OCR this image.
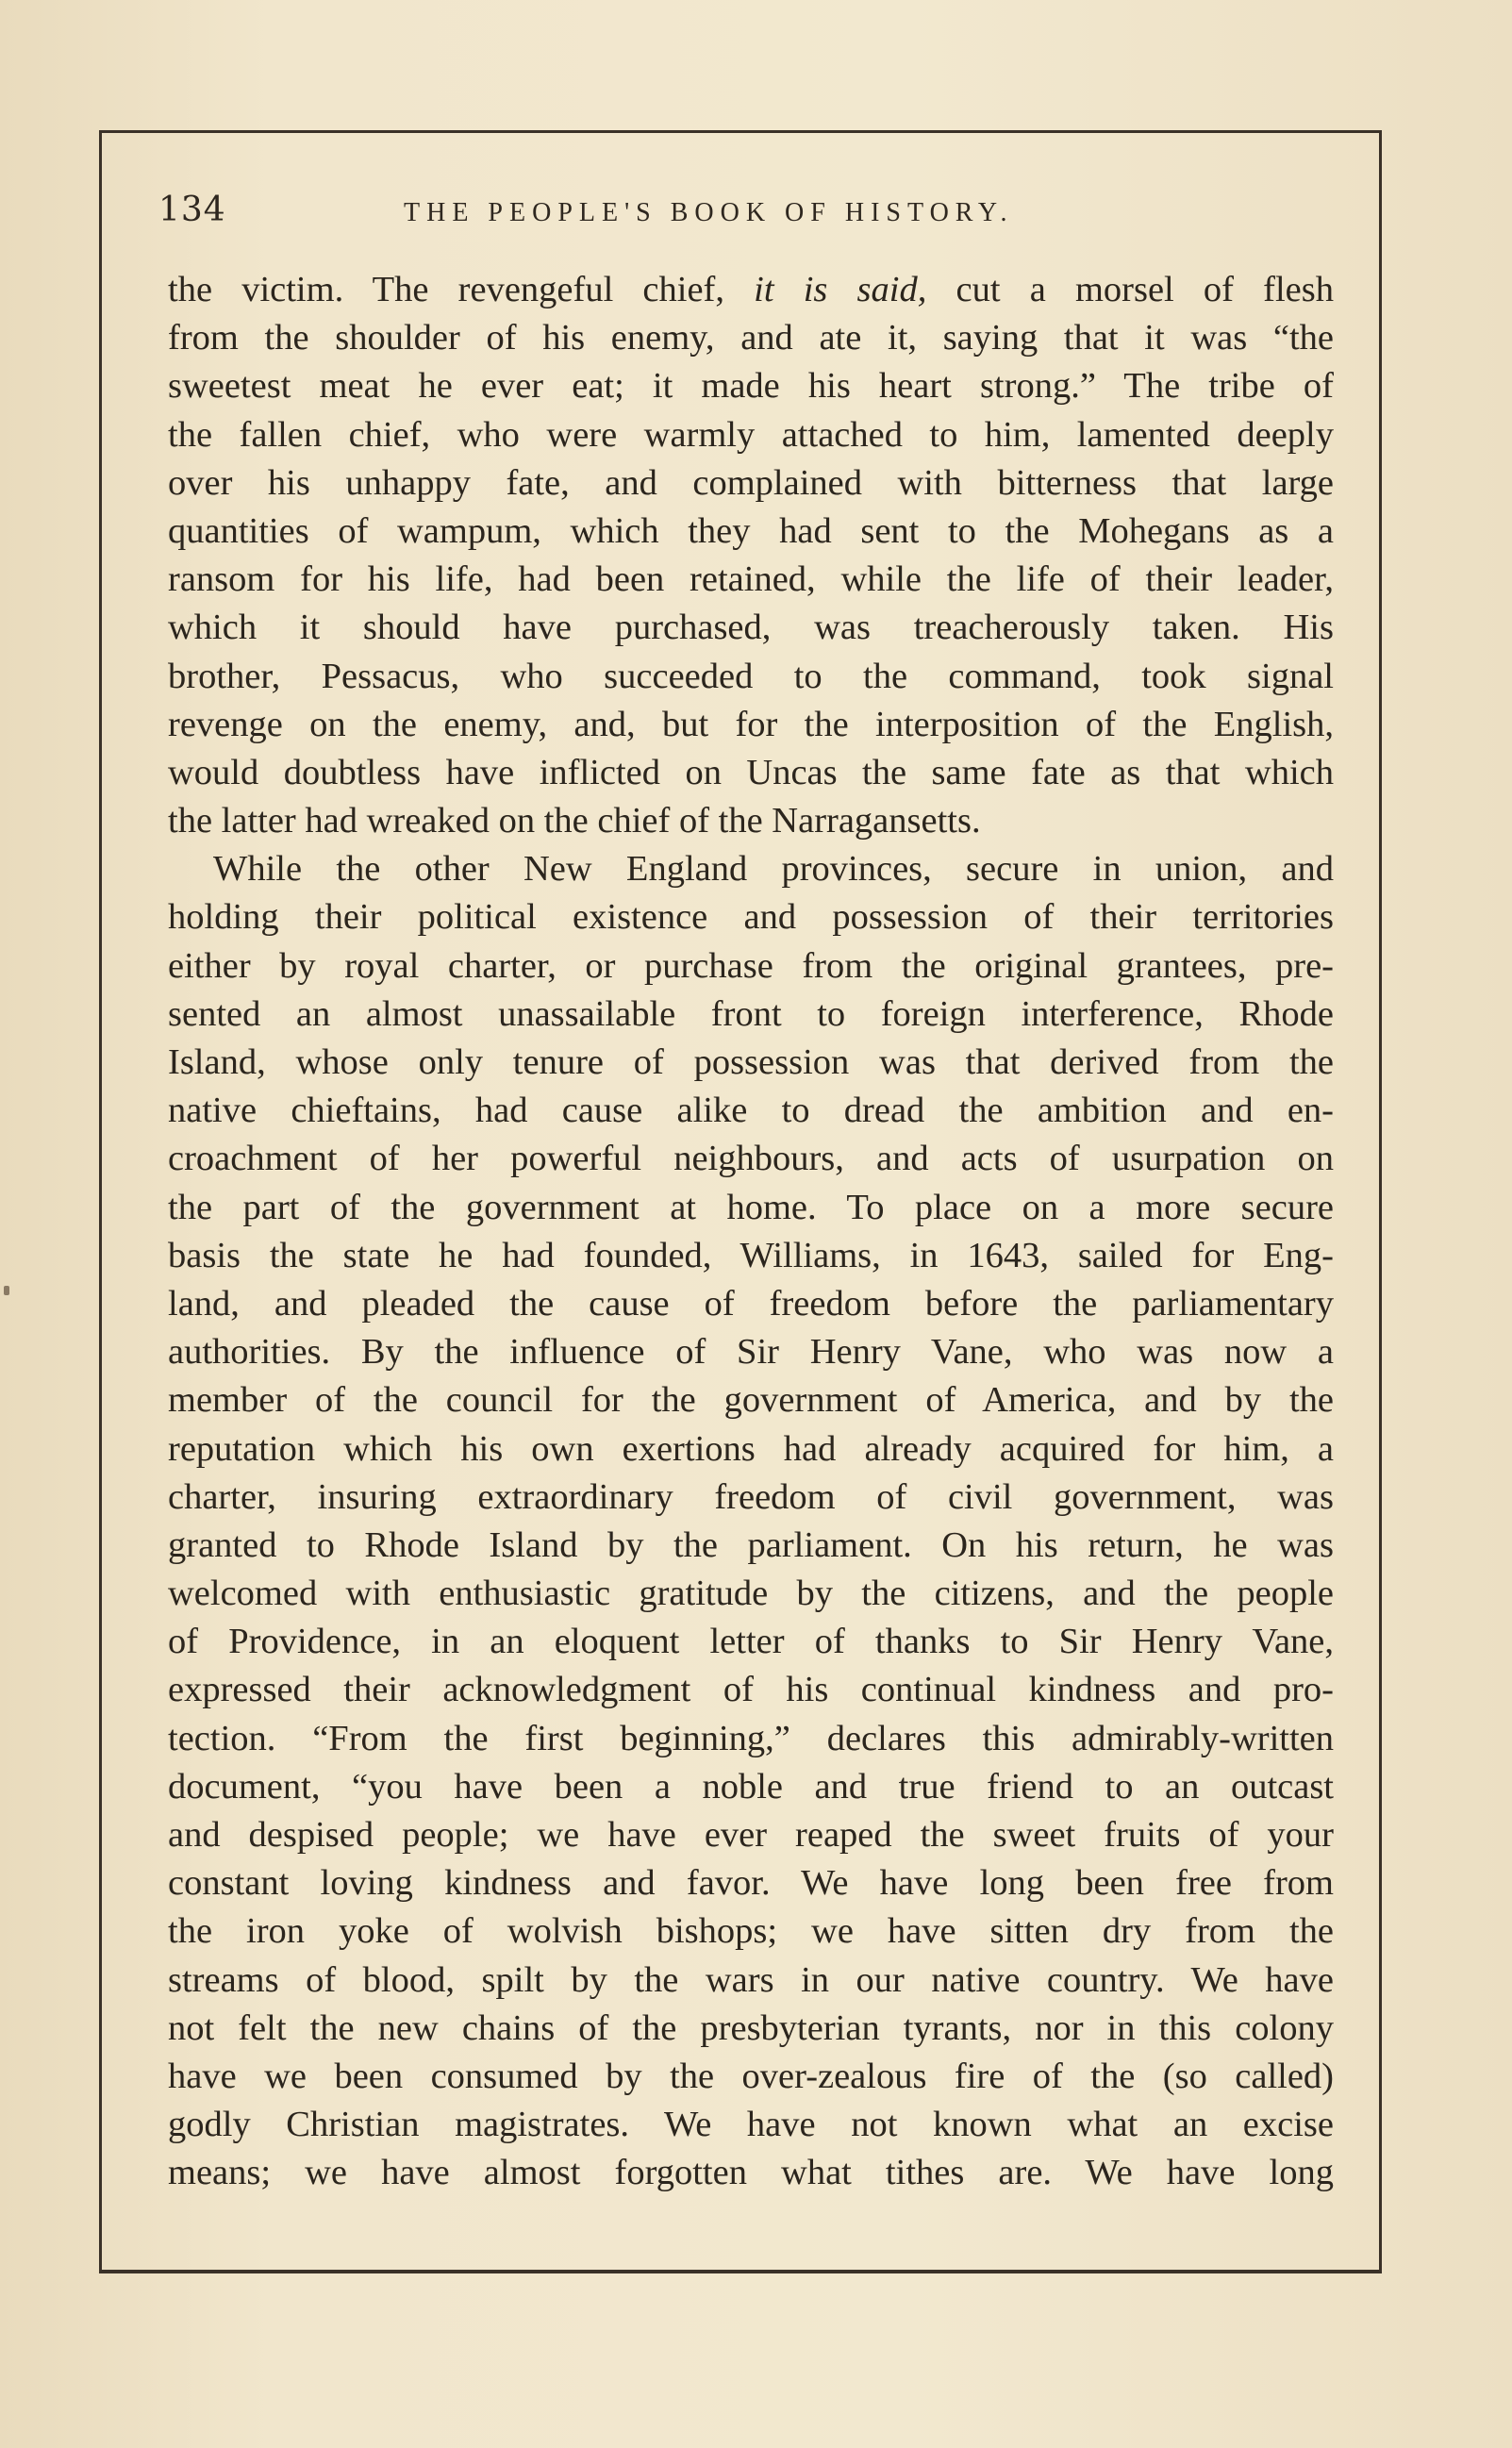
134	THE PEOPLE'S BOOK OF HISTORY.
the victim. The revengeful chief, it is said, cut a morsel of flesh
from the shoulder of his enemy, and ate it, saying that it was “the
sweetest meat he ever eat; it made his heart strong.” The tribe of
the fallen chief, who were warmly attached to him, lamented deeply
over his unhappy fate, and complained with bitterness that large
quantities of wampum, which they had sent to the Mohegans as a
ransom for his life, had been retained, while the life of their leader,
which it should have purchased, was treacherously taken. His
brother, Pessacus, who succeeded to the command, took signal
revenge on the enemy, and, but for the interposition of the English,
would doubtless have inflicted on Uncas the same fate as that which
the latter had wreaked on the chief of the Narragansetts.
While the other New England provinces, secure in union, and
holding their political existence and possession of their territories
either by royal charter, or purchase from the original grantees, pre-
sented an almost unassailable front to foreign interference, Rhode
Island, whose only tenure of possession was that derived from the
native chieftains, had cause alike to dread the ambition and en-
croachment of her powerful neighbours, and acts of usurpation on
the part of the government at home. To place on a more secure
basis the state he had founded, Williams, in 1643, sailed for Eng-
land, and pleaded the cause of freedom before the parliamentary
authorities. By the influence of Sir Henry Vane, who was now a
member of the council for the government of America, and by the
reputation which his own exertions had already acquired for him, a
charter, insuring extraordinary freedom of civil government, was
granted to Rhode Island by the parliament. On his return, he was
welcomed with enthusiastic gratitude by the citizens, and the people
of Providence, in an eloquent letter of thanks to Sir Henry Vane,
expressed their acknowledgment of his continual kindness and pro-
tection. “From the first beginning,” declares this admirably-written
document, “you have been a noble and true friend to an outcast
and despised people; we have ever reaped the sweet fruits of your
constant loving kindness and favor. We have long been free from
the iron yoke of wolvish bishops; we have sitten dry from the
streams of blood, spilt by the wars in our native country. We have
not felt the new chains of the presbyterian tyrants, nor in this colony
have we been consumed by the over-zealous fire of the (so called)
godly Christian magistrates. We have not known what an excise
means; we have almost forgotten what tithes are. We have long
